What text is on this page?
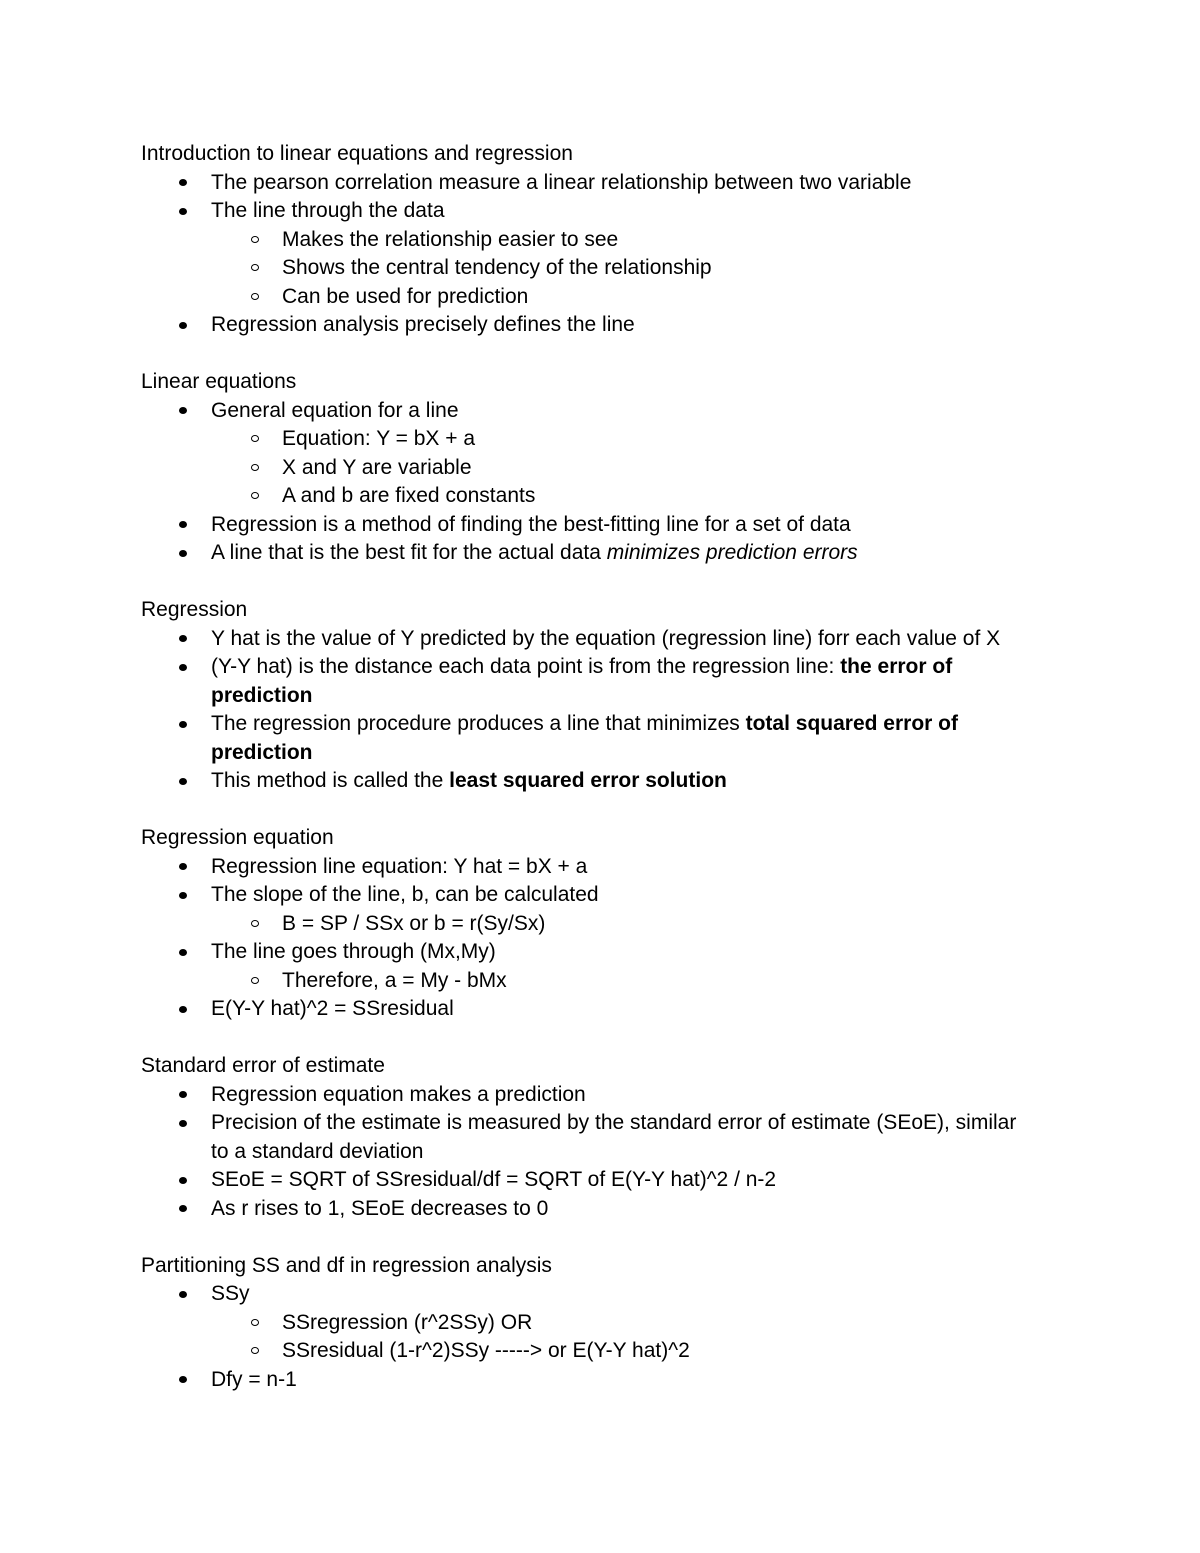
Introduction to linear equations and regression

The pearson correlation measure a linear relationship between two variable
The line through the data
Makes the relationship easier to see
Shows the central tendency of the relationship
Can be used for prediction
Regression analysis precisely defines the line

Linear equations

General equation for a line
Equation: Y = bX + a
X and Y are variable
A and b are fixed constants
Regression is a method of finding the best-fitting line for a set of data
A line that is the best fit for the actual data minimizes prediction errors

Regression

Y hat is the value of Y predicted by the equation (regression line) forr each value of X
(Y-Y hat) is the distance each data point is from the regression line: the error of
prediction
The regression procedure produces a line that minimizes total squared error of
prediction
This method is called the least squared error solution

Regression equation

Regression line equation: Y hat = bX + a
The slope of the line, b, can be calculated
B = SP / SSx or b = r(Sy/Sx)
The line goes through (Mx,My)
Therefore, a = My - bMx
E(Y-Y hat)^2 = SSresidual

Standard error of estimate

Regression equation makes a prediction
Precision of the estimate is measured by the standard error of estimate (SEoE), similar
to a standard deviation
SEoE = SQRT of SSresidual/df = SQRT of E(Y-Y hat)^2 / n-2
As r rises to 1, SEoE decreases to 0

Partitioning SS and df in regression analysis

SSy
SSregression (r^2SSy) OR
SSresidual (1-r^2)SSy -----> or E(Y-Y hat)^2
Dfy = n-1
